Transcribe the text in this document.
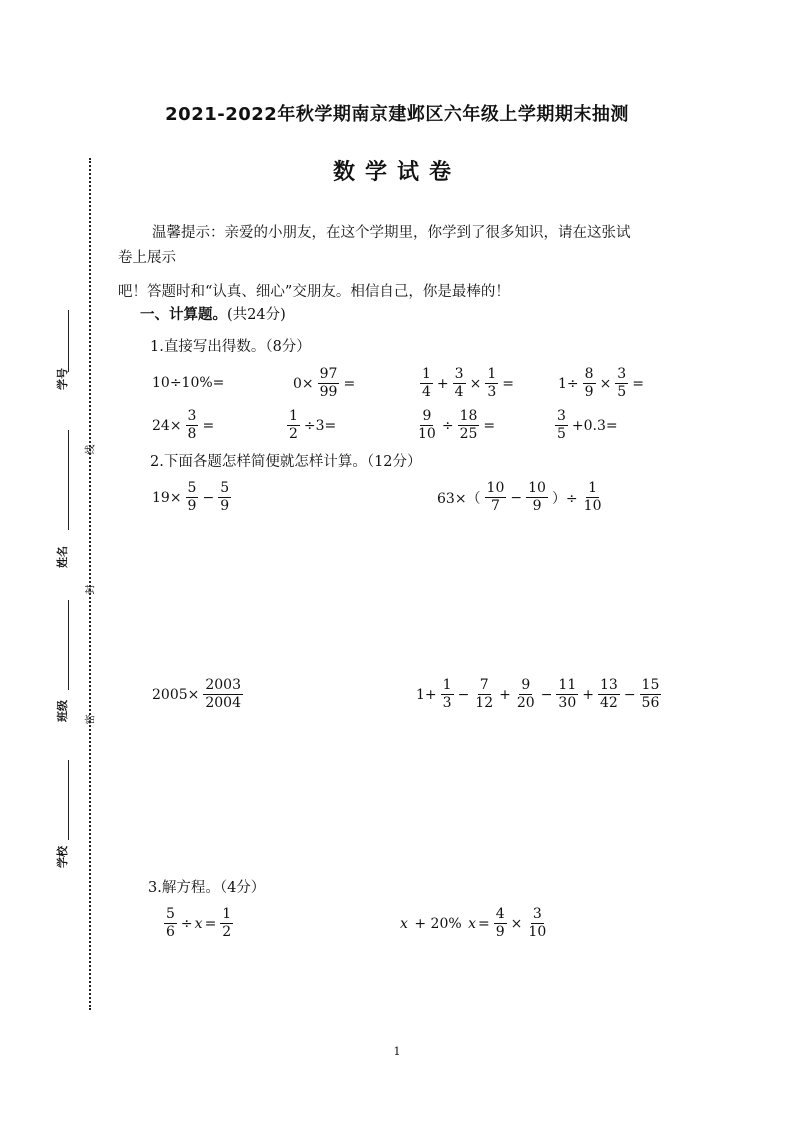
2021-2022年秋学期南京建邺区六年级上学期期末抽测
数学试卷
学号
姓名
班级
学校
线
封
密
温馨提示：亲爱的小朋友，在这个学期里，你学到了很多知识，请在这张试
卷上展示
吧！答题时和“认真、细心”交朋友。相信自己，你是最棒的！
一、计算题。(共24分)
1.直接写出得数。（8分）
10÷10%=	$0\times \frac{97}{99}$ =	$\frac{1}{4} + \frac{3}{4} \times \frac{1}{3}$ =	$1\div \frac{8}{9} \times \frac{3}{5}$ =
$24\times \frac{3}{8}$ =	$\frac{1}{2} \div 3=$	$\frac{9}{10} \div \frac{18}{25}$ =	$\frac{3}{5} +0.3=$
2.下面各题怎样简便就怎样计算。（12分）
$19\times \frac{5}{9} - \frac{5}{9}$	$63\times( \frac{10}{7} - \frac{10}{9}$ ）÷ $\frac{1}{10}$
$2005\times \frac{2003}{2004}$	$1+ \frac{1}{3} - \frac{7}{12} + \frac{9}{20} - \frac{11}{30} + \frac{13}{42} - \frac{15}{56}$
3.解方程。（4分）
$\frac{5}{6} \div x = \frac{1}{2}$	x + 20% $x = \frac{4}{9} \times \frac{3}{10}$
1
